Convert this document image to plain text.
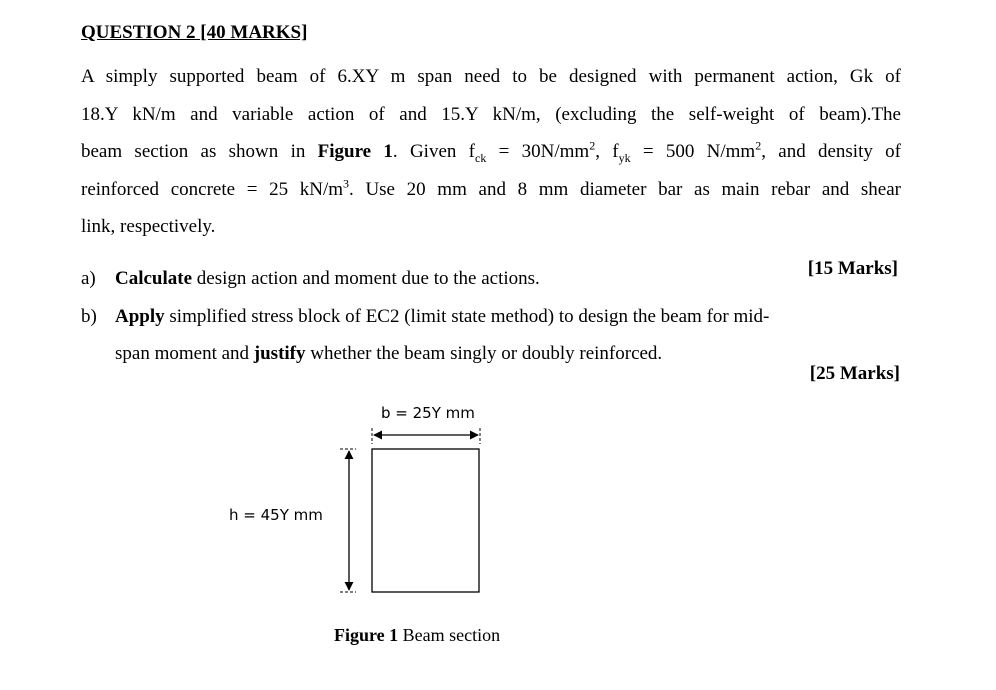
QUESTION 2 [40 MARKS]
A simply supported beam of 6.XY m span need to be designed with permanent action, Gk of
18.Y kN/m and variable action of and 15.Y kN/m, (excluding the self-weight of beam).The
beam section as shown in Figure 1. Given $f_{ck} = 30N/mm^2$, $f_{yk} = 500$ $N/mm^2$, and density of
reinforced concrete = 25 $kN/m^3$. Use 20 mm and 8 mm diameter bar as main rebar and shear
link, respectively.
a) Calculate design action and moment due to the actions.	[15 Marks]
b) Apply simplified stress block of EC2 (limit state method) to design the beam for mid-
span moment and justify whether the beam singly or doubly reinforced.
[25 Marks]
b = 25Y mm
h = 45Y mm
Figure 1 Beam section
